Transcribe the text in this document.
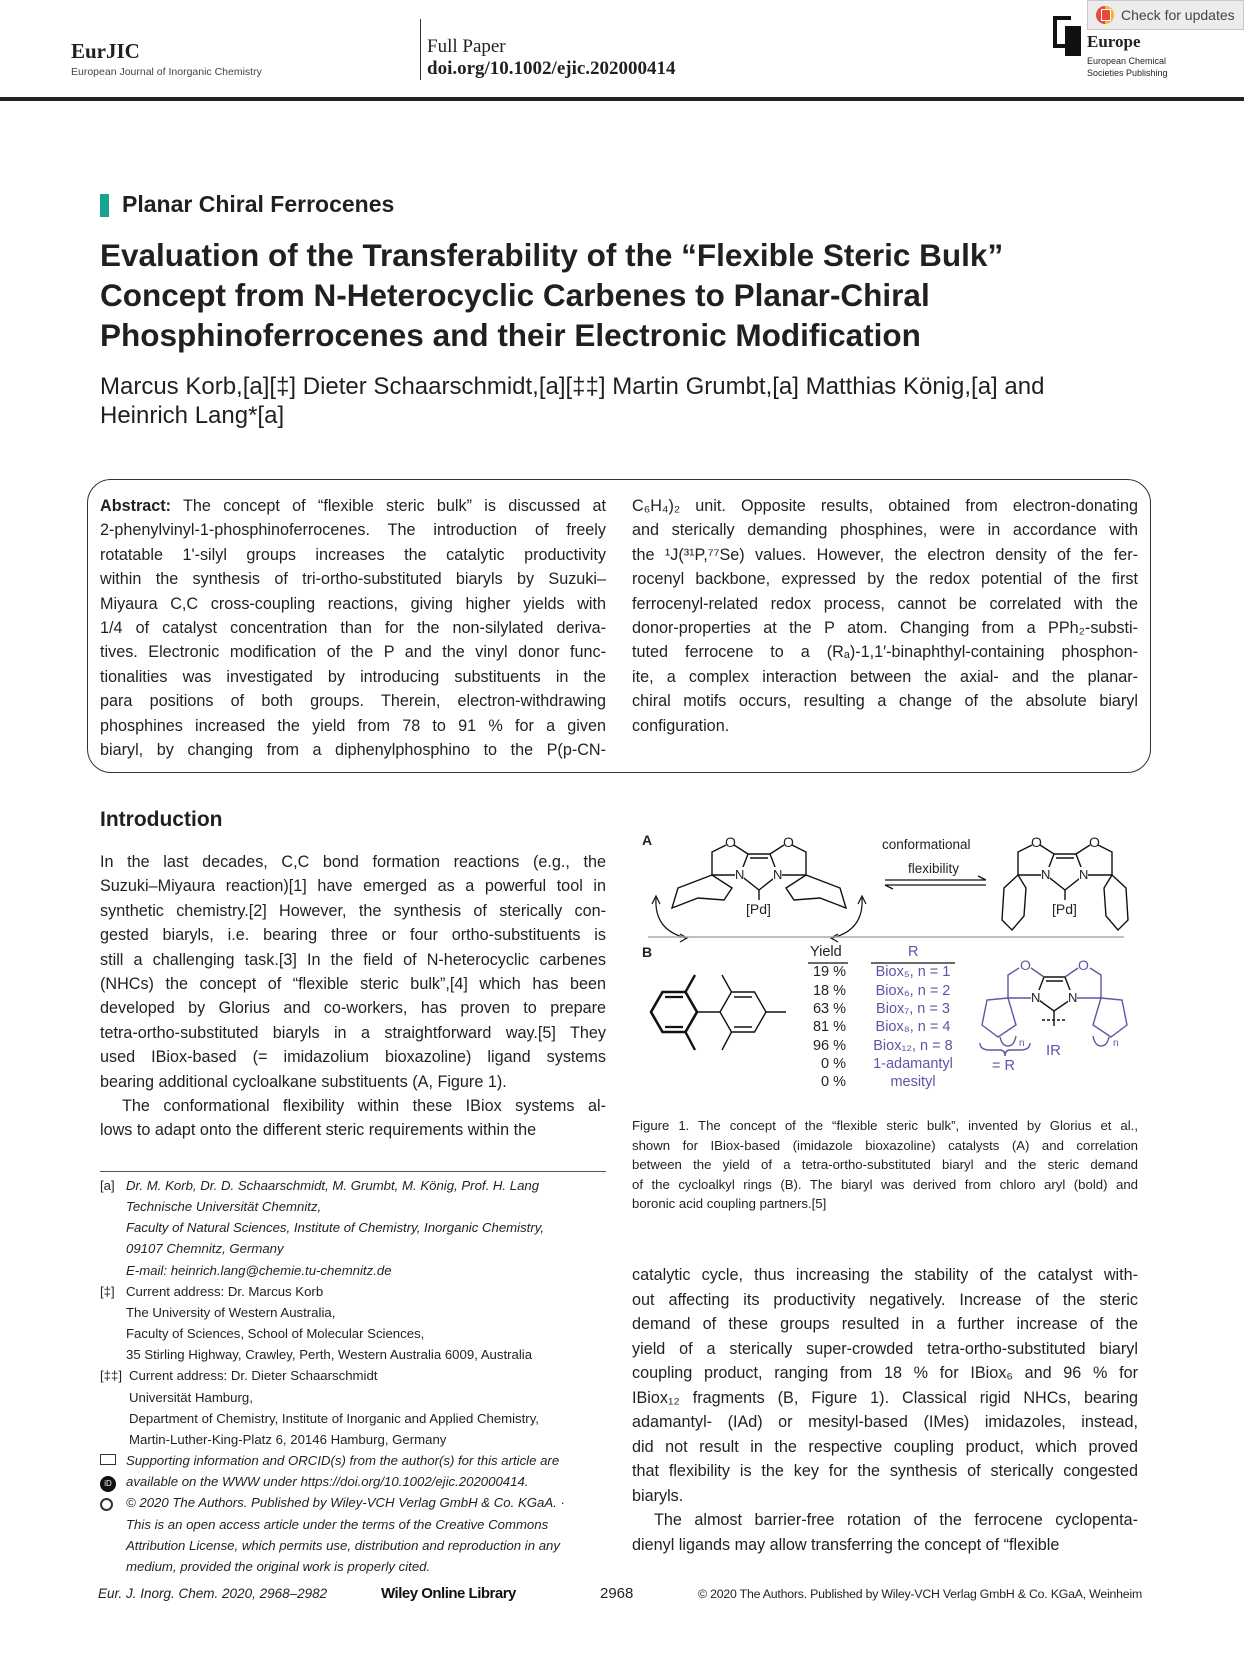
EurJIC
European Journal of Inorganic Chemistry
Full Paper
doi.org/10.1002/ejic.202000414
Europe
European Chemical
Societies Publishing
Check for updates
Planar Chiral Ferrocenes
Evaluation of the Transferability of the “Flexible Steric Bulk”
Concept from N-Heterocyclic Carbenes to Planar-Chiral
Phosphinoferrocenes and their Electronic Modification
Marcus Korb,[a][‡] Dieter Schaarschmidt,[a][‡‡] Martin Grumbt,[a] Matthias König,[a] and
Heinrich Lang*[a]
Abstract: The concept of “flexible steric bulk” is discussed at
2-phenylvinyl-1-phosphinoferrocenes. The introduction of freely
rotatable 1'-silyl groups increases the catalytic productivity
within the synthesis of tri-ortho-substituted biaryls by Suzuki–
Miyaura C,C cross-coupling reactions, giving higher yields with
1/4 of catalyst concentration than for the non-silylated deriva-
tives. Electronic modification of the P and the vinyl donor func-
tionalities was investigated by introducing substituents in the
para positions of both groups. Therein, electron-withdrawing
phosphines increased the yield from 78 to 91 % for a given
biaryl, by changing from a diphenylphosphino to the P(p-CN-
C₆H₄)₂ unit. Opposite results, obtained from electron-donating
and sterically demanding phosphines, were in accordance with
the ¹J(³¹P,⁷⁷Se) values. However, the electron density of the fer-
rocenyl backbone, expressed by the redox potential of the first
ferrocenyl-related redox process, cannot be correlated with the
donor-properties at the P atom. Changing from a PPh₂-substi-
tuted ferrocene to a (Rₐ)-1,1′-binaphthyl-containing phosphon-
ite, a complex interaction between the axial- and the planar-
chiral motifs occurs, resulting a change of the absolute biaryl
configuration.
Introduction
In the last decades, C,C bond formation reactions (e.g., the
Suzuki–Miyaura reaction)[1] have emerged as a powerful tool in
synthetic chemistry.[2] However, the synthesis of sterically con-
gested biaryls, i.e. bearing three or four ortho-substituents is
still a challenging task.[3] In the field of N-heterocyclic carbenes
(NHCs) the concept of “flexible steric bulk”,[4] which has been
developed by Glorius and co-workers, has proven to prepare
tetra-ortho-substituted biaryls in a straightforward way.[5] They
used IBiox-based (= imidazolium bioxazoline) ligand systems
bearing additional cycloalkane substituents (A, Figure 1).
The conformational flexibility within these IBiox systems al-
lows to adapt onto the different steric requirements within the
[a] Dr. M. Korb, Dr. D. Schaarschmidt, M. Grumbt, M. König, Prof. H. Lang
Technische Universität Chemnitz,
Faculty of Natural Sciences, Institute of Chemistry, Inorganic Chemistry,
09107 Chemnitz, Germany
E-mail: heinrich.lang@chemie.tu-chemnitz.de
[‡] Current address: Dr. Marcus Korb
The University of Western Australia,
Faculty of Sciences, School of Molecular Sciences,
35 Stirling Highway, Crawley, Perth, Western Australia 6009, Australia
[‡‡] Current address: Dr. Dieter Schaarschmidt
Universität Hamburg,
Department of Chemistry, Institute of Inorganic and Applied Chemistry,
Martin-Luther-King-Platz 6, 20146 Hamburg, Germany

iD
Supporting information and ORCID(s) from the author(s) for this article are
available on the WWW under https://doi.org/10.1002/ejic.202000414.
© 2020 The Authors. Published by Wiley-VCH Verlag GmbH & Co. KGaA. ·
This is an open access article under the terms of the Creative Commons
Attribution License, which permits use, distribution and reproduction in any
medium, provided the original work is properly cited.
A
B
O	O
N N
[Pd]
conformational
flexibility
O	O
N N
[Pd]
Yield	R
19 %	Biox₅, n = 1
18 %	Biox₆, n = 2
63 %	Biox₇, n = 3
81 %	Biox₈, n = 4
96 % Biox₁₂, n = 8
0 % 1-adamantyl
0 %	mesityl
O	O
N N
n	n
= R
IR
Figure 1. The concept of the “flexible steric bulk”, invented by Glorius et al.,
shown for IBiox-based (imidazole bioxazoline) catalysts (A) and correlation
between the yield of a tetra-ortho-substituted biaryl and the steric demand
of the cycloalkyl rings (B). The biaryl was derived from chloro aryl (bold) and
boronic acid coupling partners.[5]
catalytic cycle, thus increasing the stability of the catalyst with-
out affecting its productivity negatively. Increase of the steric
demand of these groups resulted in a further increase of the
yield of a sterically super-crowded tetra-ortho-substituted biaryl
coupling product, ranging from 18 % for IBiox₆ and 96 % for
IBiox₁₂ fragments (B, Figure 1). Classical rigid NHCs, bearing
adamantyl- (IAd) or mesityl-based (IMes) imidazoles, instead,
did not result in the respective coupling product, which proved
that flexibility is the key for the synthesis of sterically congested
biaryls.
The almost barrier-free rotation of the ferrocene cyclopenta-
dienyl ligands may allow transferring the concept of “flexible
Eur. J. Inorg. Chem. 2020, 2968–2982	Wiley Online Library	2968	© 2020 The Authors. Published by Wiley-VCH Verlag GmbH & Co. KGaA, Weinheim
